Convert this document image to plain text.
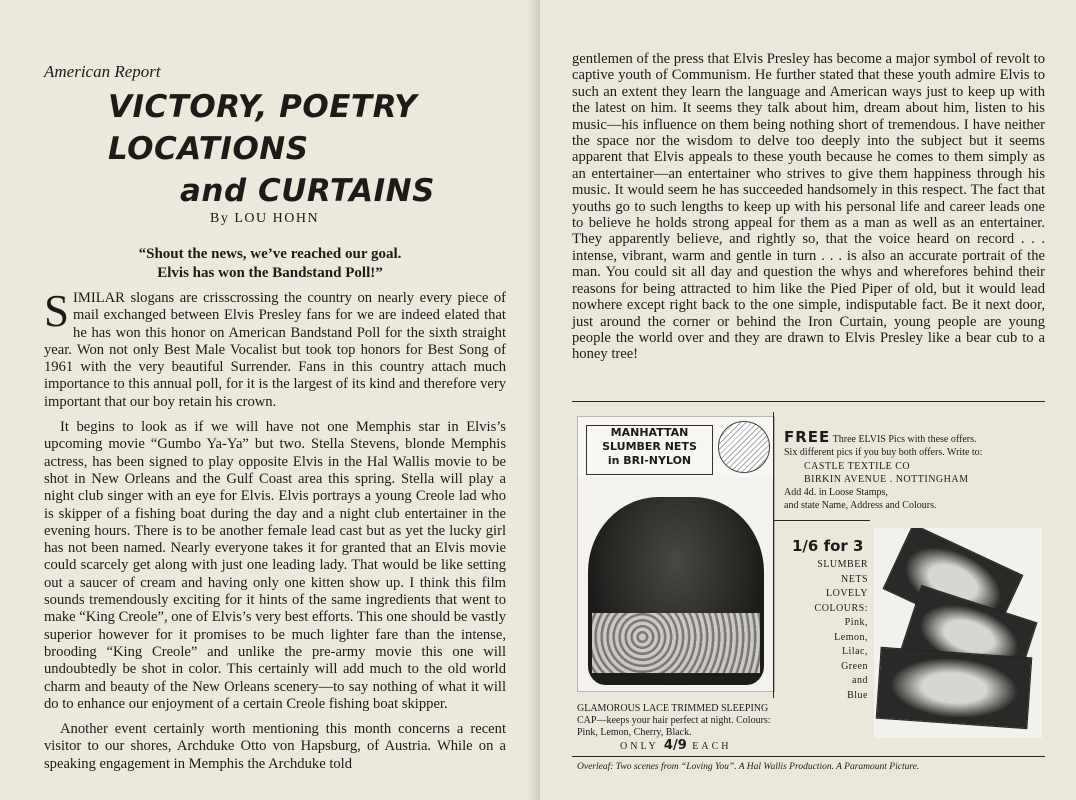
American Report
VICTORY, POETRY
LOCATIONS
and CURTAINS
By LOU HOHN
“Shout the news, we’ve reached our goal.
Elvis has won the Bandstand Poll!”

SIMILAR slogans are crisscrossing the country on nearly every piece of mail exchanged between Elvis Presley fans for we are indeed elated that he has won this honor on American Bandstand Poll for the sixth straight year. Won not only Best Male Vocalist but took top honors for Best Song of 1961 with the very beautiful Surrender. Fans in this country attach much importance to this annual poll, for it is the largest of its kind and therefore very important that our boy retain his crown.

It begins to look as if we will have not one Memphis star in Elvis’s upcoming movie “Gumbo Ya-Ya” but two. Stella Stevens, blonde Memphis actress, has been signed to play opposite Elvis in the Hal Wallis movie to be shot in New Orleans and the Gulf Coast area this spring. Stella will play a night club singer with an eye for Elvis. Elvis portrays a young Creole lad who is skipper of a fishing boat during the day and a night club entertainer in the evening hours. There is to be another female lead cast but as yet the lucky girl has not been named. Nearly everyone takes it for granted that an Elvis movie could scarcely get along with just one leading lady. That would be like setting out a saucer of cream and having only one kitten show up. I think this film sounds tremendously exciting for it hints of the same ingredients that went to make “King Creole”, one of Elvis’s very best efforts. This one should be vastly superior however for it promises to be much lighter fare than the intense, brooding “King Creole” and unlike the pre-army movie this one will undoubtedly be shot in color. This certainly will add much to the old world charm and beauty of the New Orleans scenery—to say nothing of what it will do to enhance our enjoyment of a certain Creole fishing boat skipper.

Another event certainly worth mentioning this month concerns a recent visitor to our shores, Archduke Otto von Hapsburg, of Austria. While on a speaking engagement in Memphis the Archduke told

gentlemen of the press that Elvis Presley has become a major symbol of revolt to captive youth of Communism. He further stated that these youth admire Elvis to such an extent they learn the language and American ways just to keep up with the latest on him. It seems they talk about him, dream about him, listen to his music—his influence on them being nothing short of tremendous. I have neither the space nor the wisdom to delve too deeply into the subject but it seems apparent that Elvis appeals to these youth because he comes to them simply as an entertainer—an entertainer who strives to give them happiness through his music. It would seem he has succeeded handsomely in this respect. The fact that youths go to such lengths to keep up with his personal life and career leads one to believe he holds strong appeal for them as a man as well as an entertainer. They apparently believe, and rightly so, that the voice heard on record . . . intense, vibrant, warm and gentle in turn . . . is also an accurate portrait of the man. You could sit all day and question the whys and wherefores behind their reasons for being attracted to him like the Pied Piper of old, but it would lead nowhere except right back to the one simple, indisputable fact. Be it next door, just around the corner or behind the Iron Curtain, young people are young people the world over and they are drawn to Elvis Presley like a bear cub to a honey tree!
MANHATTAN
SLUMBER NETS
in BRI-NYLON
FREE Three ELVIS Pics with these offers.
Six different pics if you buy both offers. Write to:
CASTLE TEXTILE CO
BIRKIN AVENUE . NOTTINGHAM
Add 4d. in Loose Stamps,
and state Name, Address and Colours.
1/6 for 3
SLUMBER
NETS
LOVELY
COLOURS:
Pink,
Lemon,
Lilac,
Green
and
Blue
GLAMOROUS LACE TRIMMED SLEEPING CAP—keeps your hair perfect at night. Colours: Pink, Lemon, Cherry, Black.
ONLY 4/9 EACH
Overleaf: Two scenes from “Loving You”. A Hal Wallis Production. A Paramount Picture.
